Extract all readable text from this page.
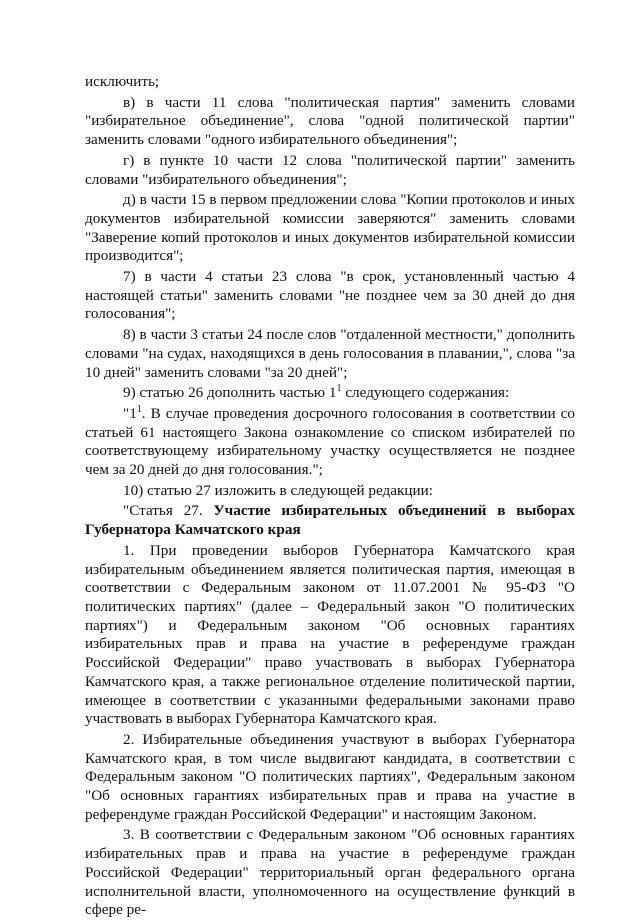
исключить;

в) в части 11 слова "политическая партия" заменить словами "избирательное объединение", слова "одной политической партии" заменить словами "одного избирательного объединения";

г) в пункте 10 части 12 слова "политической партии" заменить словами "избирательного объединения";

д) в части 15 в первом предложении слова "Копии протоколов и иных документов избирательной комиссии заверяются" заменить словами "Заверение копий протоколов и иных документов избирательной комиссии производится";

7) в части 4 статьи 23 слова "в срок, установленный частью 4 настоящей статьи" заменить словами "не позднее чем за 30 дней до дня голосования";

8) в части 3 статьи 24 после слов "отдаленной местности," дополнить словами "на судах, находящихся в день голосования в плавании,", слова "за 10 дней" заменить словами "за 20 дней";

9) статью 26 дополнить частью $1^1$ следующего содержания:

"$1^1$. В случае проведения досрочного голосования в соответствии со статьей 61 настоящего Закона ознакомление со списком избирателей по соответствующему избирательному участку осуществляется не позднее чем за 20 дней до дня голосования.";

10) статью 27 изложить в следующей редакции:

"Статья 27. Участие избирательных объединений в выборах Губернатора Камчатского края

1. При проведении выборов Губернатора Камчатского края избирательным объединением является политическая партия, имеющая в соответствии с Федеральным законом от 11.07.2001 № 95-ФЗ "О политических партиях" (далее – Федеральный закон "О политических партиях") и Федеральным законом "Об основных гарантиях избирательных прав и права на участие в референдуме граждан Российской Федерации" право участвовать в выборах Губернатора Камчатского края, а также региональное отделение политической партии, имеющее в соответствии с указанными федеральными законами право участвовать в выборах Губернатора Камчатского края.

2. Избирательные объединения участвуют в выборах Губернатора Камчатского края, в том числе выдвигают кандидата, в соответствии с Федеральным законом "О политических партиях", Федеральным законом "Об основных гарантиях избирательных прав и права на участие в референдуме граждан Российской Федерации" и настоящим Законом.

3. В соответствии с Федеральным законом "Об основных гарантиях избирательных прав и права на участие в референдуме граждан Российской Федерации" территориальный орган федерального органа исполнительной власти, уполномоченного на осуществление функций в сфере ре-
